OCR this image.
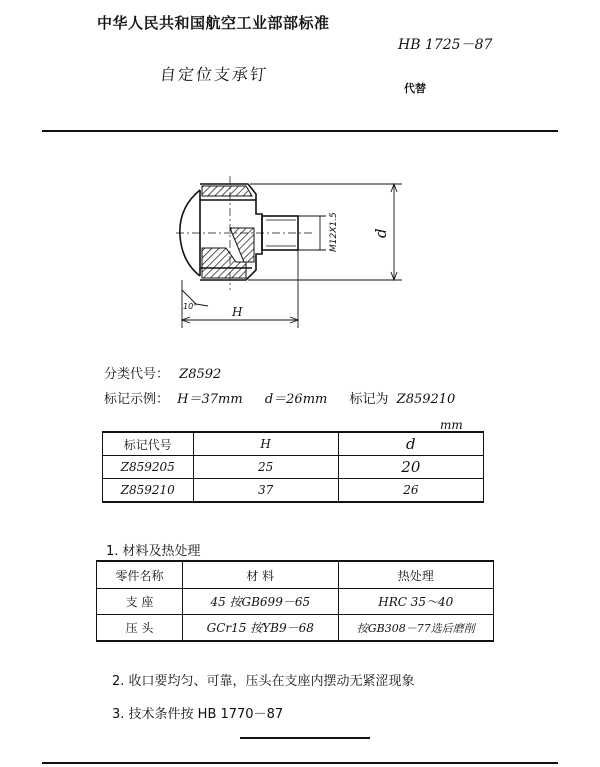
中华人民共和国航空工业部部标准
HB 1725－87
自定位支承钉
代替
d
M12X1.5
H
10°
分类代号： Z8592
标记示例： H＝37mm d＝26mm 标记为 Z859210
mm
标记代号	H	d
Z859205	25	20
Z859210	37	26
1. 材料及热处理
零件名称	材 料	热处理
支 座	45 按GB699－65	HRC 35～40
压 头	GCr15 按YB9－68	按GB308－77选后磨削
2. 收口要均匀、可靠，压头在支座内摆动无紧涩现象
3. 技术条件按 HB 1770－87
